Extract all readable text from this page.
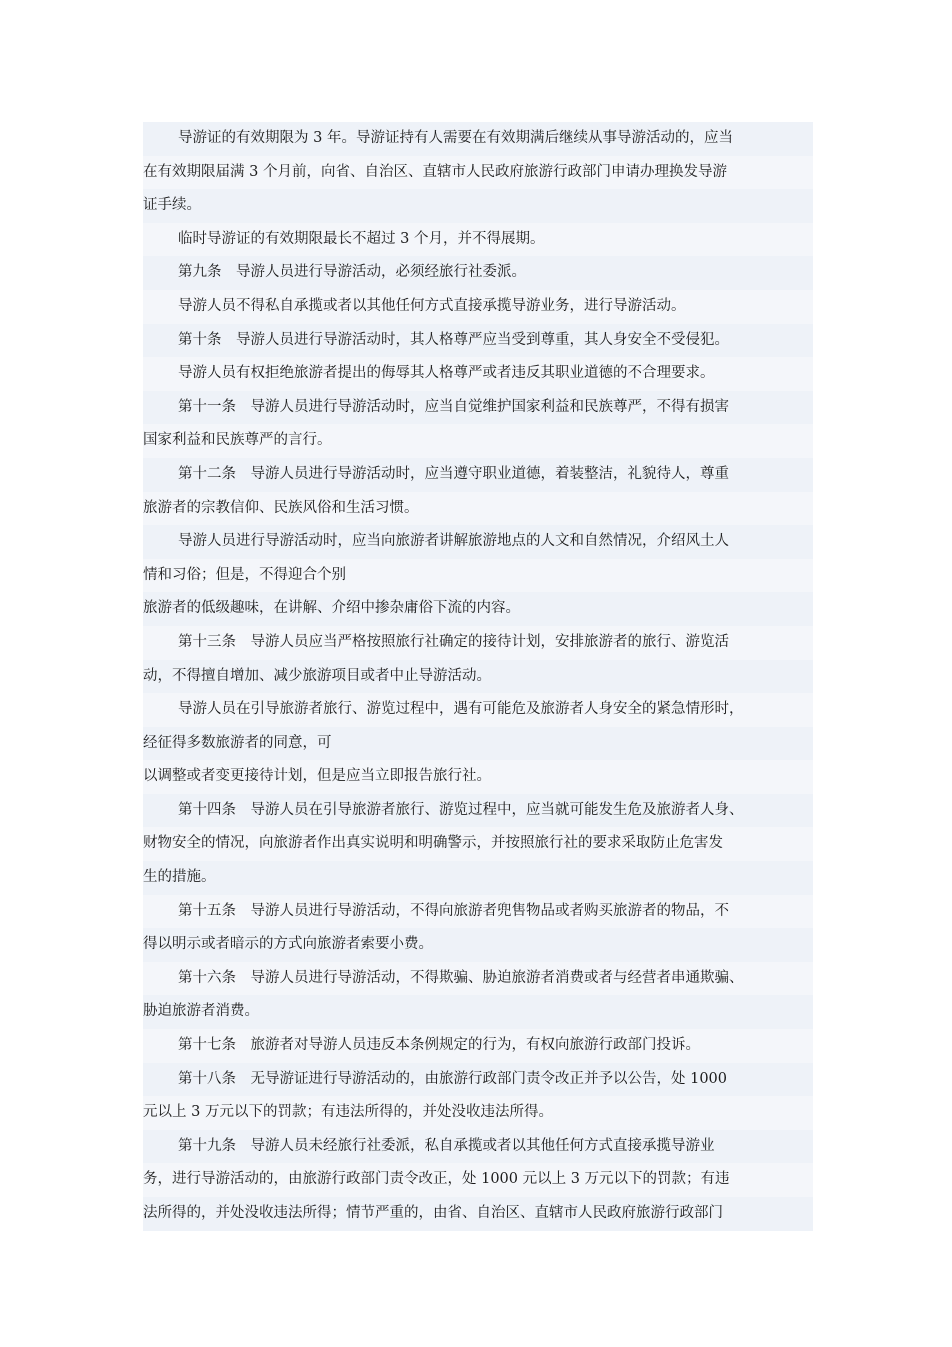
导游证的有效期限为 3 年。导游证持有人需要在有效期满后继续从事导游活动的，应当
在有效期限届满 3 个月前，向省、自治区、直辖市人民政府旅游行政部门申请办理换发导游
证手续。
临时导游证的有效期限最长不超过 3 个月，并不得展期。
第九条　导游人员进行导游活动，必须经旅行社委派。
导游人员不得私自承揽或者以其他任何方式直接承揽导游业务，进行导游活动。
第十条　导游人员进行导游活动时，其人格尊严应当受到尊重，其人身安全不受侵犯。
导游人员有权拒绝旅游者提出的侮辱其人格尊严或者违反其职业道德的不合理要求。
第十一条　导游人员进行导游活动时，应当自觉维护国家利益和民族尊严，不得有损害
国家利益和民族尊严的言行。
第十二条　导游人员进行导游活动时，应当遵守职业道德，着装整洁，礼貌待人，尊重
旅游者的宗教信仰、民族风俗和生活习惯。
导游人员进行导游活动时，应当向旅游者讲解旅游地点的人文和自然情况，介绍风土人
情和习俗；但是，不得迎合个别
旅游者的低级趣味，在讲解、介绍中掺杂庸俗下流的内容。
第十三条　导游人员应当严格按照旅行社确定的接待计划，安排旅游者的旅行、游览活
动，不得擅自增加、减少旅游项目或者中止导游活动。
导游人员在引导旅游者旅行、游览过程中，遇有可能危及旅游者人身安全的紧急情形时，
经征得多数旅游者的同意，可
以调整或者变更接待计划，但是应当立即报告旅行社。
第十四条　导游人员在引导旅游者旅行、游览过程中，应当就可能发生危及旅游者人身、
财物安全的情况，向旅游者作出真实说明和明确警示，并按照旅行社的要求采取防止危害发
生的措施。
第十五条　导游人员进行导游活动，不得向旅游者兜售物品或者购买旅游者的物品，不
得以明示或者暗示的方式向旅游者索要小费。
第十六条　导游人员进行导游活动，不得欺骗、胁迫旅游者消费或者与经营者串通欺骗、
胁迫旅游者消费。
第十七条　旅游者对导游人员违反本条例规定的行为，有权向旅游行政部门投诉。
第十八条　无导游证进行导游活动的，由旅游行政部门责令改正并予以公告，处 1000
元以上 3 万元以下的罚款；有违法所得的，并处没收违法所得。
第十九条　导游人员未经旅行社委派，私自承揽或者以其他任何方式直接承揽导游业
务，进行导游活动的，由旅游行政部门责令改正，处 1000 元以上 3 万元以下的罚款；有违
法所得的，并处没收违法所得；情节严重的，由省、自治区、直辖市人民政府旅游行政部门
